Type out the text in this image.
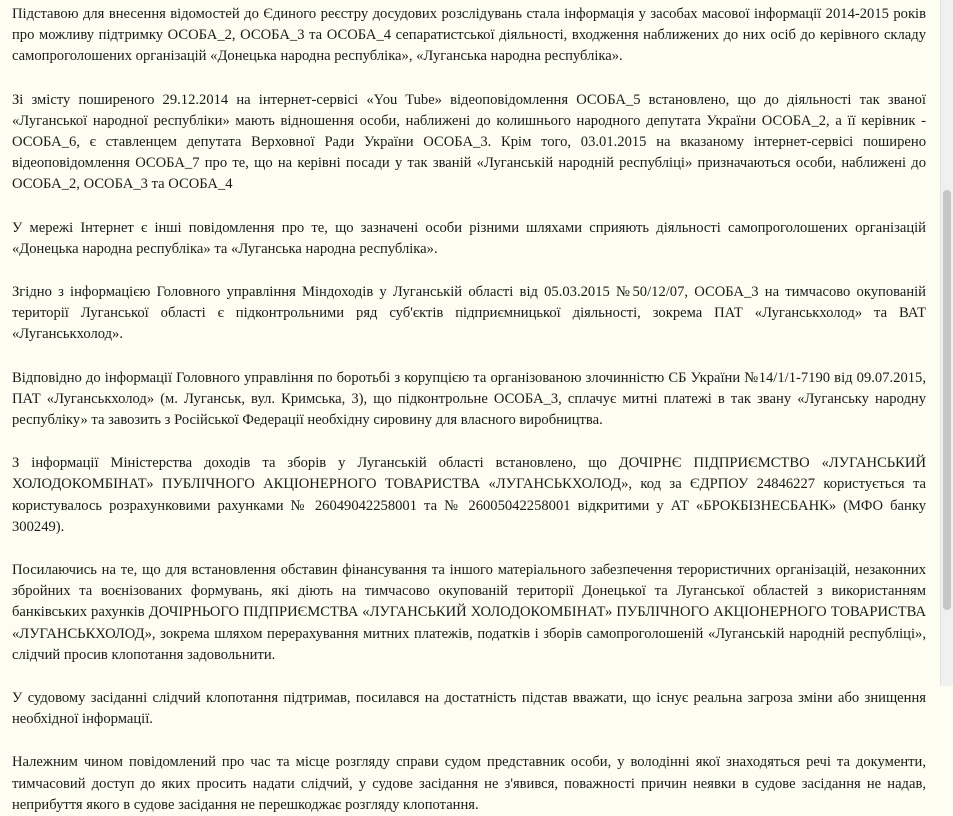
Підставою для внесення відомостей до Єдиного реєстру досудових розслідувань стала інформація у засобах масової інформації 2014-2015 років про можливу підтримку ОСОБА_2, ОСОБА_3 та ОСОБА_4 сепаратистської діяльності, входження наближених до них осіб до керівного складу самопроголошених організацій «Донецька народна республіка», «Луганська народна республіка».

Зі змісту поширеного 29.12.2014 на інтернет-сервісі «You Tube» відеоповідомлення ОСОБА_5 встановлено, що до діяльності так званої «Луганської народної республіки» мають відношення особи, наближені до колишнього народного депутата України ОСОБА_2, а її керівник - ОСОБА_6, є ставленцем депутата Верховної Ради України ОСОБА_3. Крім того, 03.01.2015 на вказаному інтернет-сервісі поширено відеоповідомлення ОСОБА_7 про те, що на керівні посади у так званій «Луганській народній республіці» призначаються особи, наближені до ОСОБА_2, ОСОБА_3 та ОСОБА_4

У мережі Інтернет є інші повідомлення про те, що зазначені особи різними шляхами сприяють діяльності самопроголошених організацій «Донецька народна республіка» та «Луганська народна республіка».

Згідно з інформацією Головного управління Міндоходів у Луганській області від 05.03.2015 №50/12/07, ОСОБА_3 на тимчасово окупованій території Луганської області є підконтрольними ряд суб'єктів підприємницької діяльності, зокрема ПАТ «Луганськхолод» та ВАТ «Луганськхолод».

Відповідно до інформації Головного управління по боротьбі з корупцією та організованою злочинністю СБ України №14/1/1-7190 від 09.07.2015, ПАТ «Луганськхолод» (м. Луганськ, вул. Кримська, 3), що підконтрольне ОСОБА_3, сплачує митні платежі в так звану «Луганську народну республіку» та завозить з Російської Федерації необхідну сировину для власного виробництва.

З інформації Міністерства доходів та зборів у Луганській області встановлено, що ДОЧІРНЄ ПІДПРИЄМСТВО «ЛУГАНСЬКИЙ ХОЛОДОКОМБІНАТ» ПУБЛІЧНОГО АКЦІОНЕРНОГО ТОВАРИСТВА «ЛУГАНСЬКХОЛОД», код за ЄДРПОУ 24846227 користується та користувалось розрахунковими рахунками № 26049042258001 та № 26005042258001 відкритими у АТ «БРОКБІЗНЕСБАНК» (МФО банку 300249).

Посилаючись на те, що для встановлення обставин фінансування та іншого матеріального забезпечення терористичних організацій, незаконних збройних та воєнізованих формувань, які діють на тимчасово окупованій території Донецької та Луганської областей з використанням банківських рахунків ДОЧІРНЬОГО ПІДПРИЄМСТВА «ЛУГАНСЬКИЙ ХОЛОДОКОМБІНАТ» ПУБЛІЧНОГО АКЦІОНЕРНОГО ТОВАРИСТВА «ЛУГАНСЬКХОЛОД», зокрема шляхом перерахування митних платежів, податків і зборів самопроголошеній «Луганській народній республіці», слідчий просив клопотання задовольнити.

У судовому засіданні слідчий клопотання підтримав, посилався на достатність підстав вважати, що існує реальна загроза зміни або знищення необхідної інформації.

Належним чином повідомлений про час та місце розгляду справи судом представник особи, у володінні якої знаходяться речі та документи, тимчасовий доступ до яких просить надати слідчий, у судове засідання не з'явився, поважності причин неявки в судове засідання не надав, неприбуття якого в судове засідання не перешкоджає розгляду клопотання.
